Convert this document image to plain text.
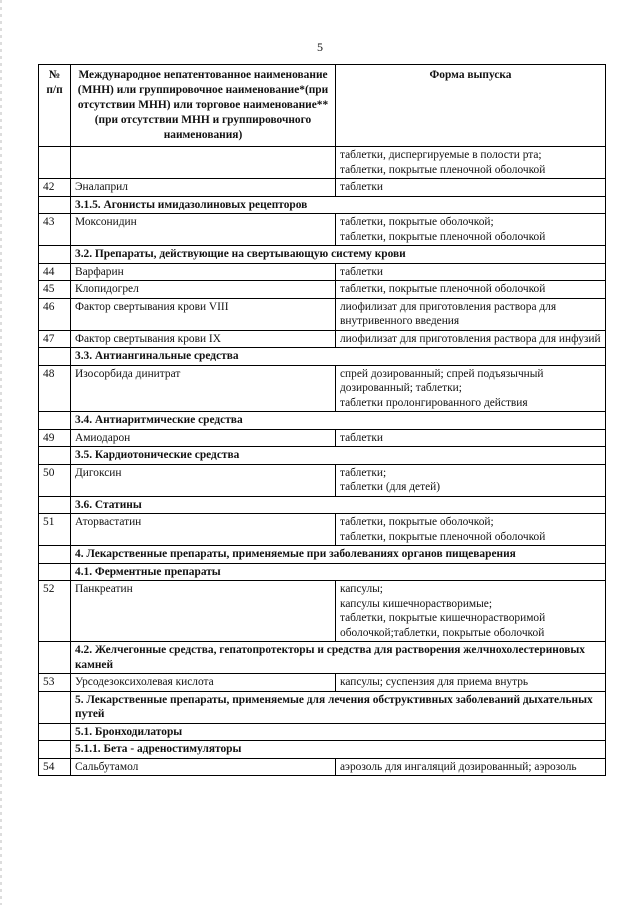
5
№ п/п	Международное непатентованное наименование (МНН) или группировочное наименование*(при отсутствии МНН) или торговое наименование** (при отсутствии МНН и группировочного наименования)	Форма выпуска

		таблетки, диспергируемые в полости рта;
таблетки, покрытые пленочной оболочкой

42	Эналаприл	таблетки

	3.1.5. Агонисты имидазолиновых рецепторов	
43	Моксонидин	таблетки, покрытые оболочкой;
таблетки, покрытые пленочной оболочкой

	3.2. Препараты, действующие на свертывающую систему крови	
44	Варфарин	таблетки

45	Клопидогрел	таблетки, покрытые пленочной оболочкой

46	Фактор свертывания крови VIII	лиофилизат для приготовления раствора для внутривенного введения

47	Фактор свертывания крови IX	лиофилизат для приготовления раствора для инфузий

	3.3. Антиангинальные средства	
48	Изосорбида динитрат	спрей дозированный; спрей подъязычный дозированный; таблетки;
таблетки пролонгированного действия

	3.4. Антиаритмические средства	
49	Амиодарон	таблетки

	3.5. Кардиотонические средства	
50	Дигоксин	таблетки;
таблетки (для детей)

	3.6. Статины	
51	Аторвастатин	таблетки, покрытые оболочкой;
таблетки, покрытые пленочной оболочкой

	4. Лекарственные препараты, применяемые при заболеваниях органов пищеварения	
	4.1. Ферментные препараты	
52	Панкреатин	капсулы;
капсулы кишечнорастворимые;
таблетки, покрытые кишечнорастворимой оболочкой;таблетки, покрытые оболочкой

	4.2. Желчегонные средства, гепатопротекторы и средства для растворения желчнохолестериновых камней	
53	Урсодезоксихолевая кислота	капсулы; суспензия для приема внутрь

	5. Лекарственные препараты, применяемые для лечения обструктивных заболеваний дыхательных путей	
	5.1. Бронходилаторы	
	5.1.1. Бета - адреностимуляторы	
54	Сальбутамол	аэрозоль для ингаляций дозированный; аэрозоль
